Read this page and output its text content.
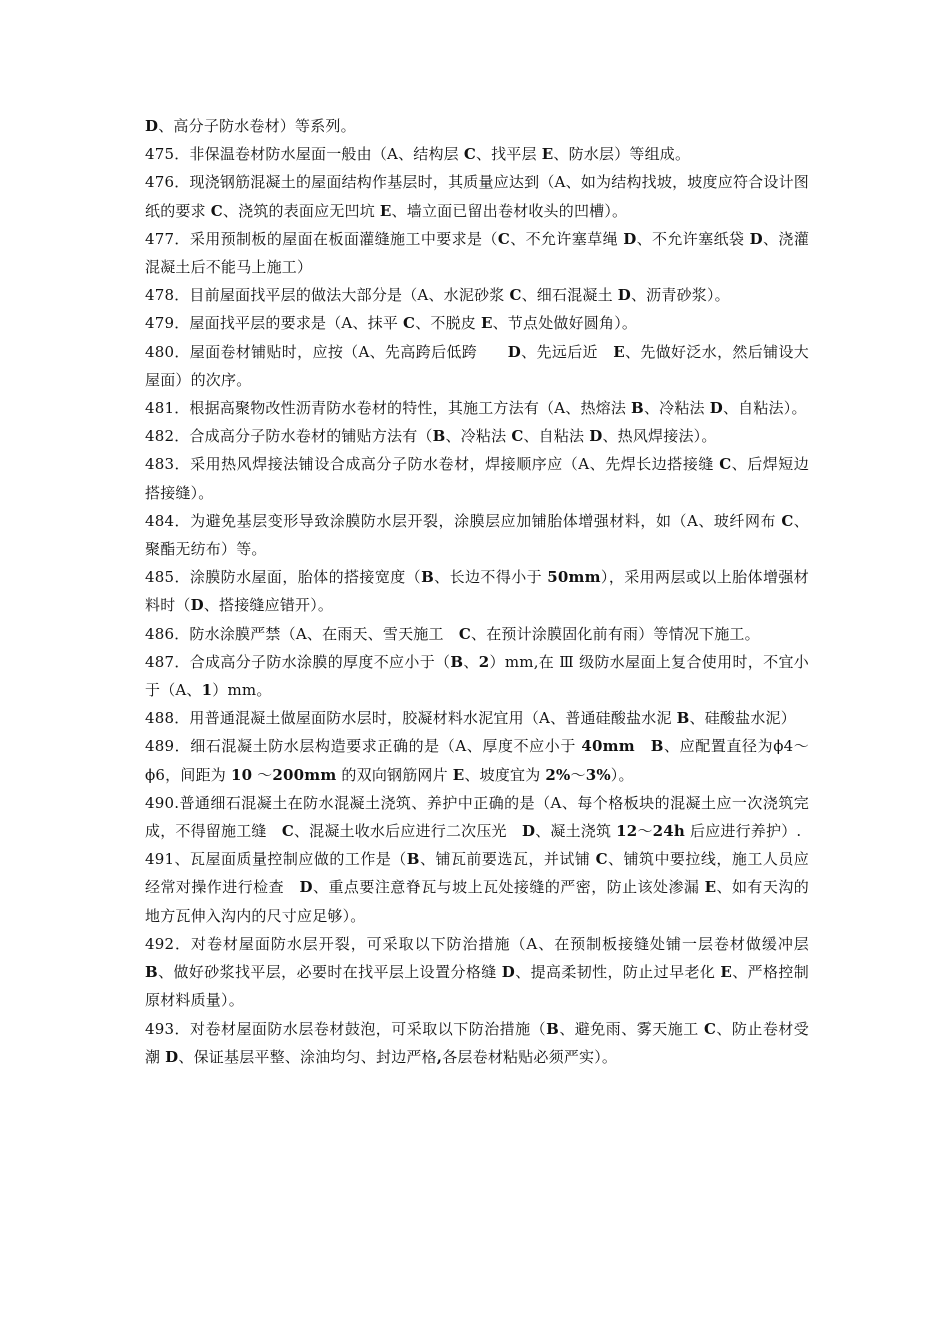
D、高分子防水卷材）等系列。

475．非保温卷材防水屋面一般由（A、结构层 C、找平层 E、防水层）等组成。

476．现浇钢筋混凝土的屋面结构作基层时，其质量应达到（A、如为结构找坡，坡度应符合设计图纸的要求 C、浇筑的表面应无凹坑 E、墙立面已留出卷材收头的凹槽）。

477．采用预制板的屋面在板面灌缝施工中要求是（C、不允许塞草绳 D、不允许塞纸袋 D、浇灌混凝土后不能马上施工）

478．目前屋面找平层的做法大部分是（A、水泥砂浆 C、细石混凝土 D、沥青砂浆）。

479．屋面找平层的要求是（A、抹平 C、不脱皮 E、节点处做好圆角）。

480．屋面卷材铺贴时，应按（A、先高跨后低跨　　D、先远后近　E、先做好泛水，然后铺设大屋面）的次序。

481．根据高聚物改性沥青防水卷材的特性，其施工方法有（A、热熔法 B、冷粘法 D、自粘法）。

482．合成高分子防水卷材的铺贴方法有（B、冷粘法 C、自粘法 D、热风焊接法）。

483．采用热风焊接法铺设合成高分子防水卷材，焊接顺序应（A、先焊长边搭接缝 C、后焊短边搭接缝）。

484．为避免基层变形导致涂膜防水层开裂，涂膜层应加铺胎体增强材料，如（A、玻纤网布 C、聚酯无纺布）等。

485．涂膜防水屋面，胎体的搭接宽度（B、长边不得小于 50mm），采用两层或以上胎体增强材料时（D、搭接缝应错开）。

486．防水涂膜严禁（A、在雨天、雪天施工　C、在预计涂膜固化前有雨）等情况下施工。

487．合成高分子防水涂膜的厚度不应小于（B、2）mm,在 Ⅲ 级防水屋面上复合使用时，不宜小于（A、1）mm。

488．用普通混凝土做屋面防水层时，胶凝材料水泥宜用（A、普通硅酸盐水泥 B、硅酸盐水泥）

489．细石混凝土防水层构造要求正确的是（A、厚度不应小于 40mm　 B、应配置直径为ϕ4～ϕ6，间距为 10 ～200mm 的双向钢筋网片 E、坡度宜为 2%～3%）。

490.普通细石混凝土在防水混凝土浇筑、养护中正确的是（A、每个格板块的混凝土应一次浇筑完成，不得留施工缝　C、混凝土收水后应进行二次压光　D、凝土浇筑 12～24h 后应进行养护）.

491、瓦屋面质量控制应做的工作是（B、铺瓦前要选瓦，并试铺 C、铺筑中要拉线，施工人员应经常对操作进行检查　D、重点要注意脊瓦与坡上瓦处接缝的严密，防止该处渗漏 E、如有天沟的地方瓦伸入沟内的尺寸应足够）。

492．对卷材屋面防水层开裂，可采取以下防治措施（A、在预制板接缝处铺一层卷材做缓冲层 B、做好砂浆找平层，必要时在找平层上设置分格缝 D、提高柔韧性，防止过早老化 E、严格控制原材料质量）。

493．对卷材屋面防水层卷材鼓泡，可采取以下防治措施（B、避免雨、雾天施工 C、防止卷材受潮 D、保证基层平整、涂油均匀、封边严格,各层卷材粘贴必须严实）。
